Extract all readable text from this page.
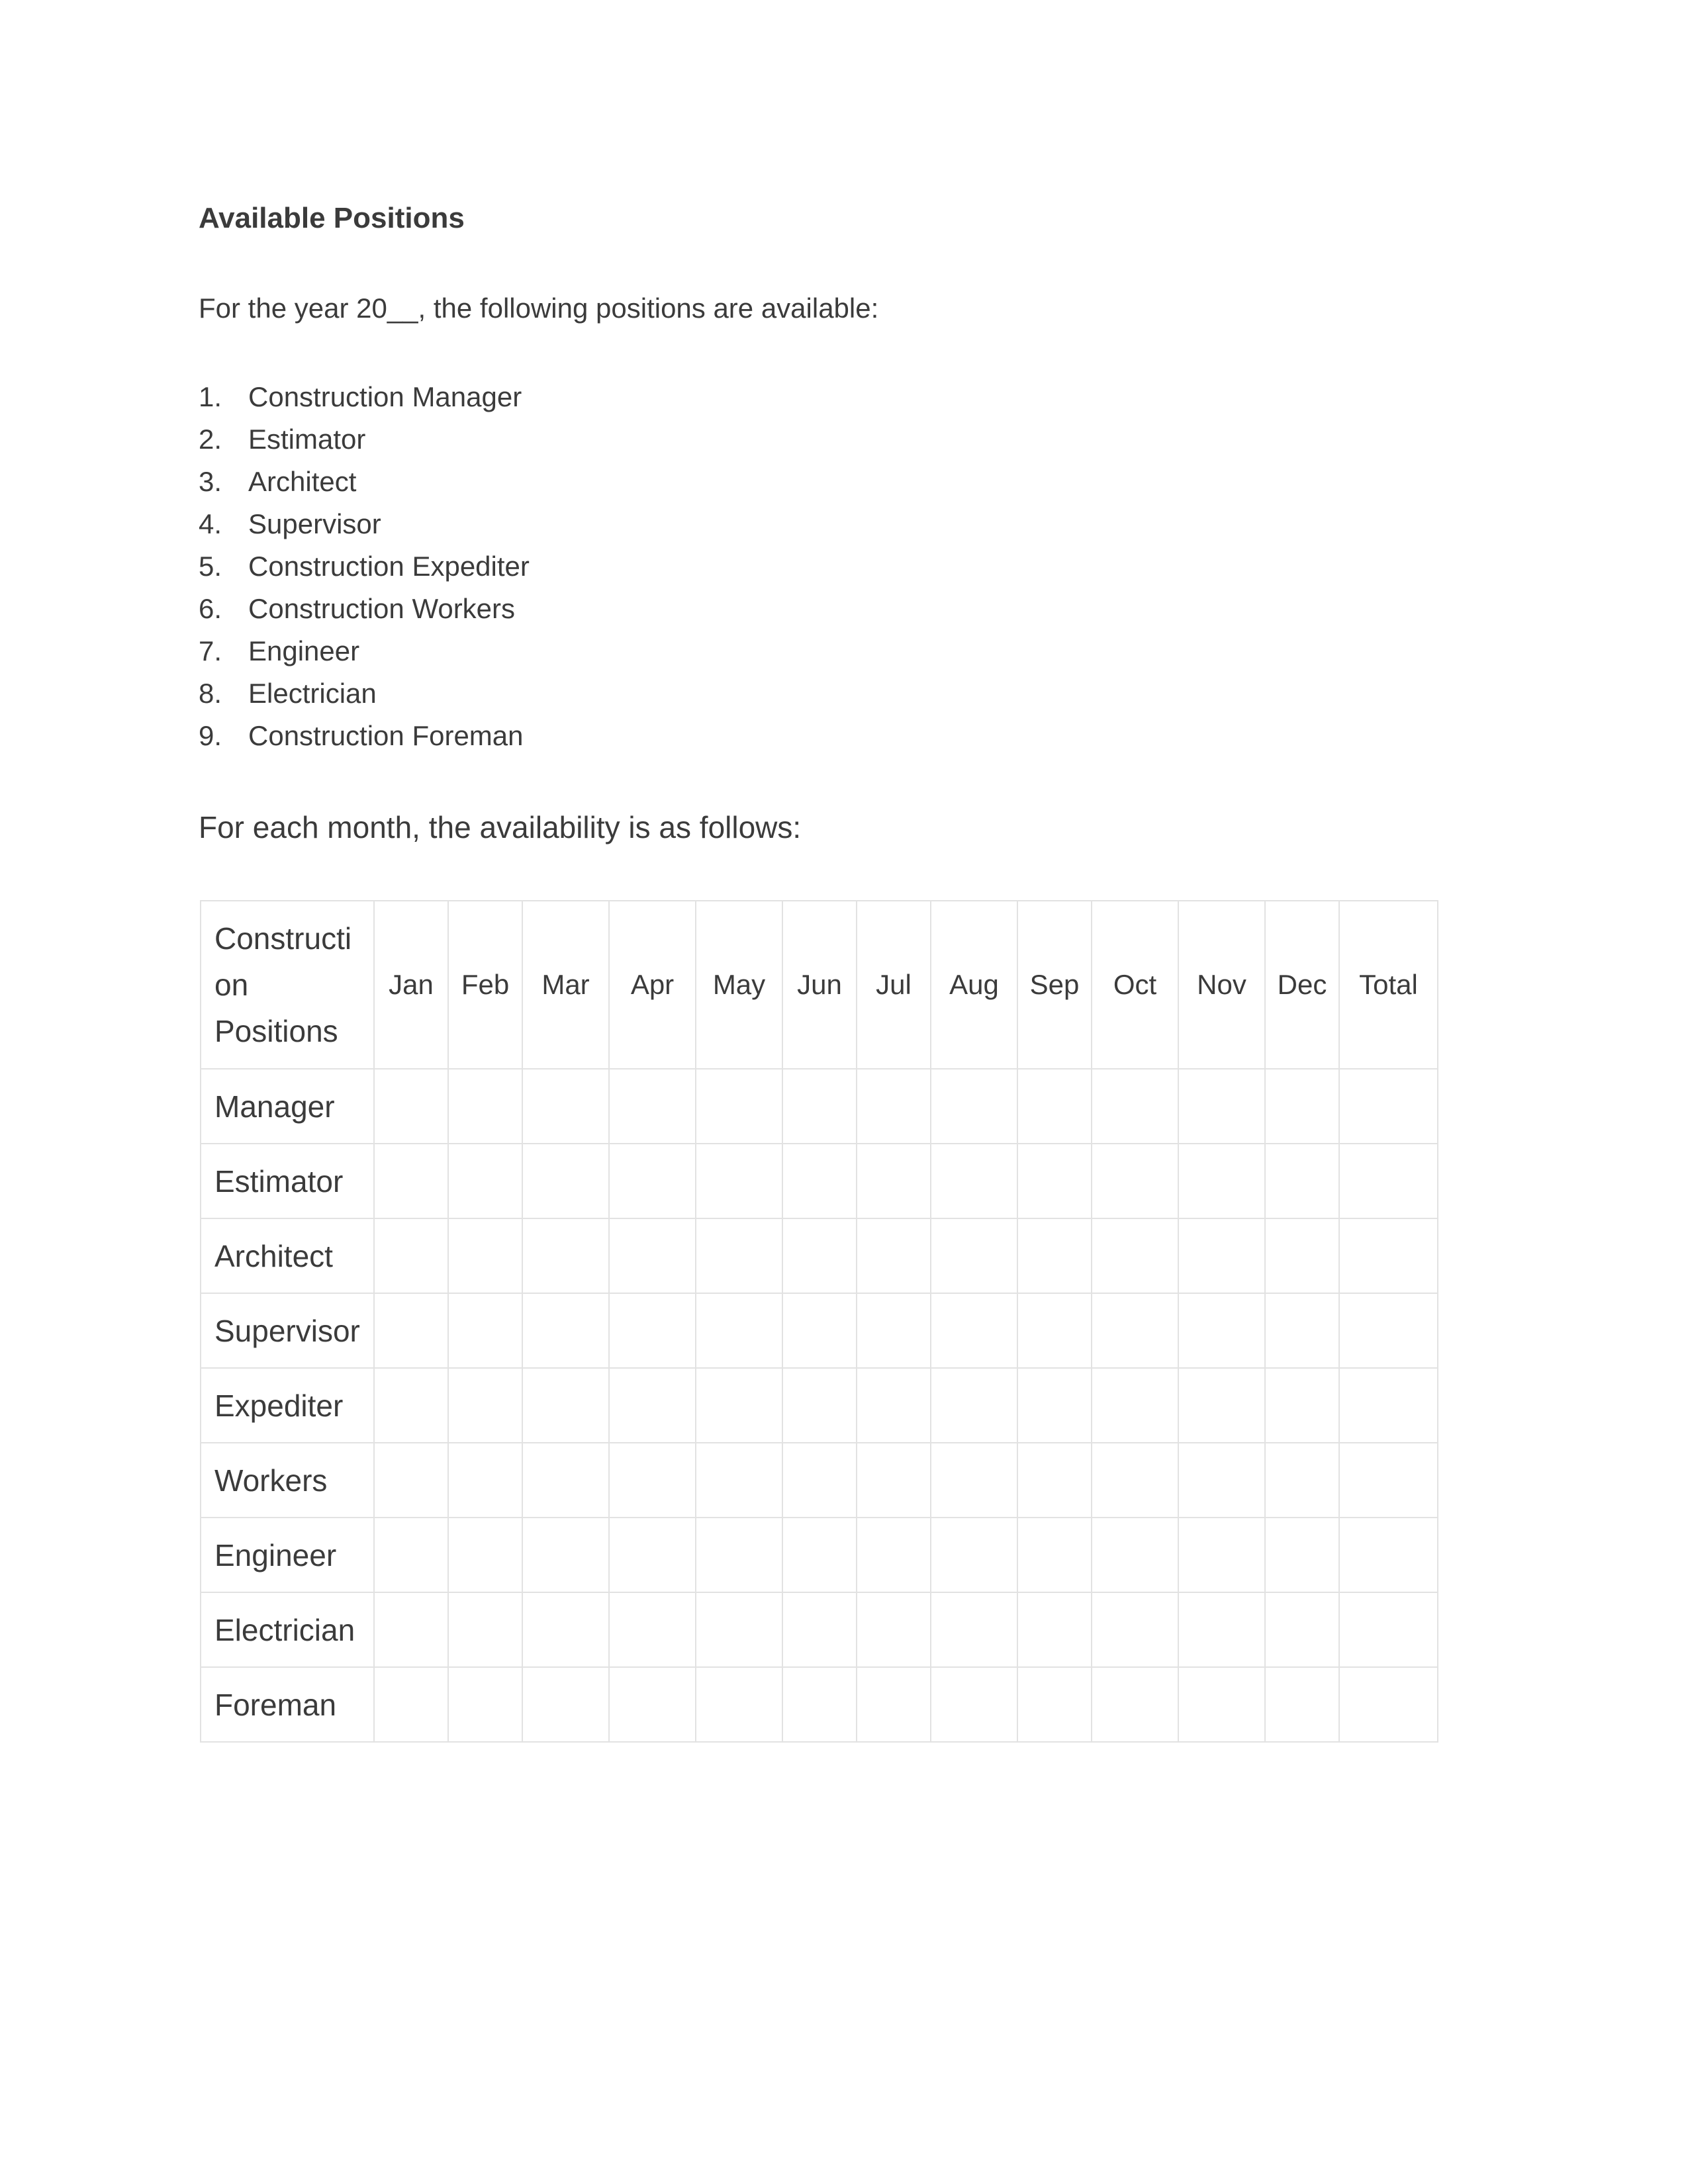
Available Positions

For the year 20__, the following positions are available:

1. Construction Manager
2. Estimator
3. Architect
4. Supervisor
5. Construction Expediter
6. Construction Workers
7. Engineer
8. Electrician
9. Construction Foreman

For each month, the availability is as follows:

Constructi
on
Positions	Jan	Feb	Mar	Apr	May	Jun	Jul	Aug	Sep	Oct	Nov	Dec	Total
Manager													
Estimator													
Architect													
Supervisor													
Expediter													
Workers													
Engineer													
Electrician													
Foreman													
